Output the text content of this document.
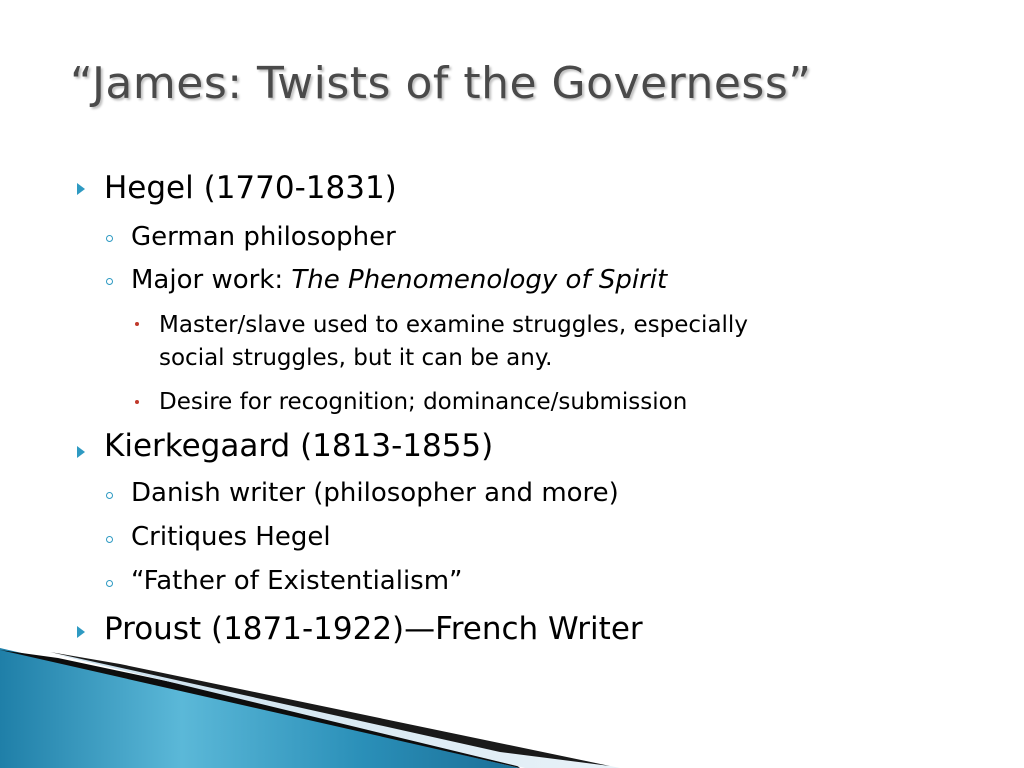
“James: Twists of the Governess”
Hegel (1770-1831)
German philosopher
Major work: The Phenomenology of Spirit
Master/slave used to examine struggles, especially
social struggles, but it can be any.
Desire for recognition; dominance/submission
Kierkegaard (1813-1855)
Danish writer (philosopher and more)
Critiques Hegel
“Father of Existentialism”
Proust (1871-1922)—French Writer
